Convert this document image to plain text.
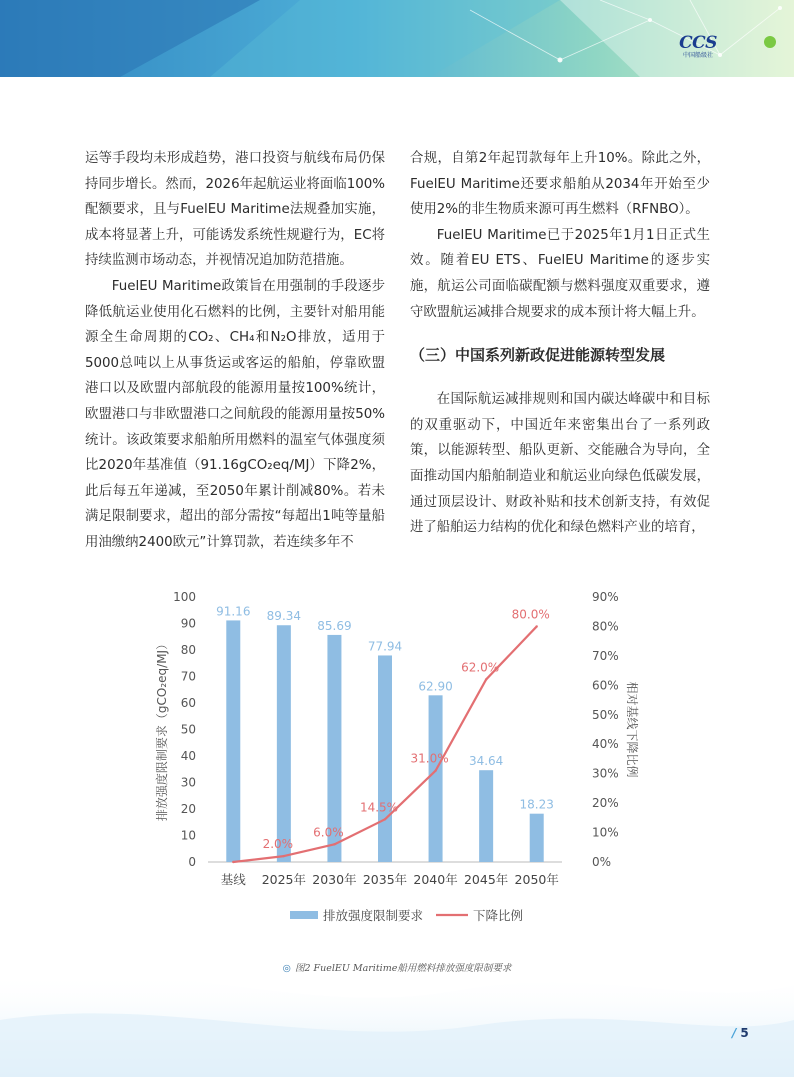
CCS
中国船级社

运等手段均未形成趋势，港口投资与航线布局仍保持同步增长。然而，2026年起航运业将面临100%配额要求，且与FuelEU Maritime法规叠加实施，成本将显著上升，可能诱发系统性规避行为，EC将持续监测市场动态，并视情况追加防范措施。

FuelEU Maritime政策旨在用强制的手段逐步降低航运业使用化石燃料的比例，主要针对船用能源全生命周期的CO₂、CH₄和N₂O排放，适用于5000总吨以上从事货运或客运的船舶，停靠欧盟港口以及欧盟内部航段的能源用量按100%统计，欧盟港口与非欧盟港口之间航段的能源用量按50%统计。该政策要求船舶所用燃料的温室气体强度须比2020年基准值（91.16gCO₂eq/MJ）下降2%，此后每五年递减，至2050年累计削减80%。若未满足限制要求，超出的部分需按“每超出1吨等量船用油缴纳2400欧元”计算罚款，若连续多年不

合规，自第2年起罚款每年上升10%。除此之外，FuelEU Maritime还要求船舶从2034年开始至少使用2%的非生物质来源可再生燃料（RFNBO）。

FuelEU Maritime已于2025年1月1日正式生效。随着EU ETS、FuelEU Maritime的逐步实施，航运公司面临碳配额与燃料强度双重要求，遵守欧盟航运减排合规要求的成本预计将大幅上升。

（三）中国系列新政促进能源转型发展

在国际航运减排规则和国内碳达峰碳中和目标的双重驱动下，中国近年来密集出台了一系列政策，以能源转型、船队更新、交能融合为导向，全面推动国内船舶制造业和航运业向绿色低碳发展，通过顶层设计、财政补贴和技术创新支持，有效促进了船舶运力结构的优化和绿色燃料产业的培育，

0
10
20
30
40
50
60
70
80
90
100
0%
10%
20%
30%
40%
50%
60%
70%
80%
90%
91.16 89.34
85.69
77.94
62.90
34.64
18.23
2.0%
6.0%
14.5%
31.0%
62.0%
80.0%
基线 2025年 2030年 2035年 2040年 2045年 2050年
排放强度限制要求（gCO₂eq/MJ）	相对基线下降比例
排放强度限制要求	下降比例
◎ 图2 FuelEU Maritime船用燃料排放强度限制要求
/ 5
